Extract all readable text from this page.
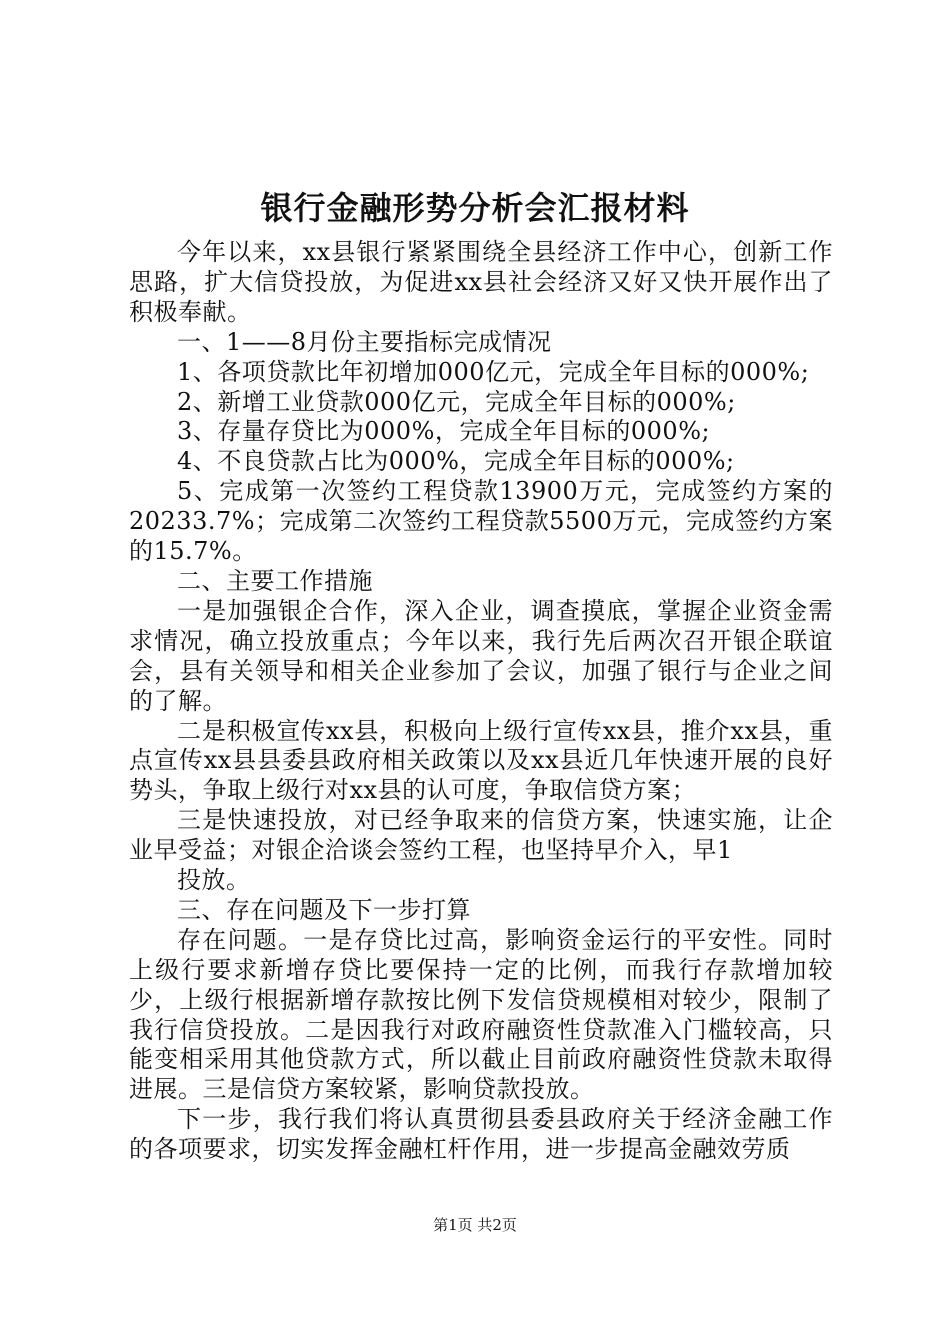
银行金融形势分析会汇报材料

今年以来，xx县银行紧紧围绕全县经济工作中心，创新工作思路，扩大信贷投放，为促进xx县社会经济又好又快开展作出了积极奉献。

一、1——8月份主要指标完成情况

1、各项贷款比年初增加000亿元，完成全年目标的000%;

2、新增工业贷款000亿元，完成全年目标的000%;

3、存量存贷比为000%，完成全年目标的000%;

4、不良贷款占比为000%，完成全年目标的000%;

5、完成第一次签约工程贷款13900万元，完成签约方案的20233.7%；完成第二次签约工程贷款5500万元，完成签约方案的15.7%。

二、主要工作措施

一是加强银企合作，深入企业，调查摸底，掌握企业资金需求情况，确立投放重点；今年以来，我行先后两次召开银企联谊会，县有关领导和相关企业参加了会议，加强了银行与企业之间的了解。

二是积极宣传xx县，积极向上级行宣传xx县，推介xx县，重点宣传xx县县委县政府相关政策以及xx县近几年快速开展的良好势头，争取上级行对xx县的认可度，争取信贷方案；

三是快速投放，对已经争取来的信贷方案，快速实施，让企业早受益；对银企洽谈会签约工程，也坚持早介入，早1

投放。

三、存在问题及下一步打算

存在问题。一是存贷比过高，影响资金运行的平安性。同时上级行要求新增存贷比要保持一定的比例，而我行存款增加较少，上级行根据新增存款按比例下发信贷规模相对较少，限制了我行信贷投放。二是因我行对政府融资性贷款准入门槛较高，只能变相采用其他贷款方式，所以截止目前政府融资性贷款未取得进展。三是信贷方案较紧，影响贷款投放。

下一步，我行我们将认真贯彻县委县政府关于经济金融工作的各项要求，切实发挥金融杠杆作用，进一步提高金融效劳质

第1页 共2页
